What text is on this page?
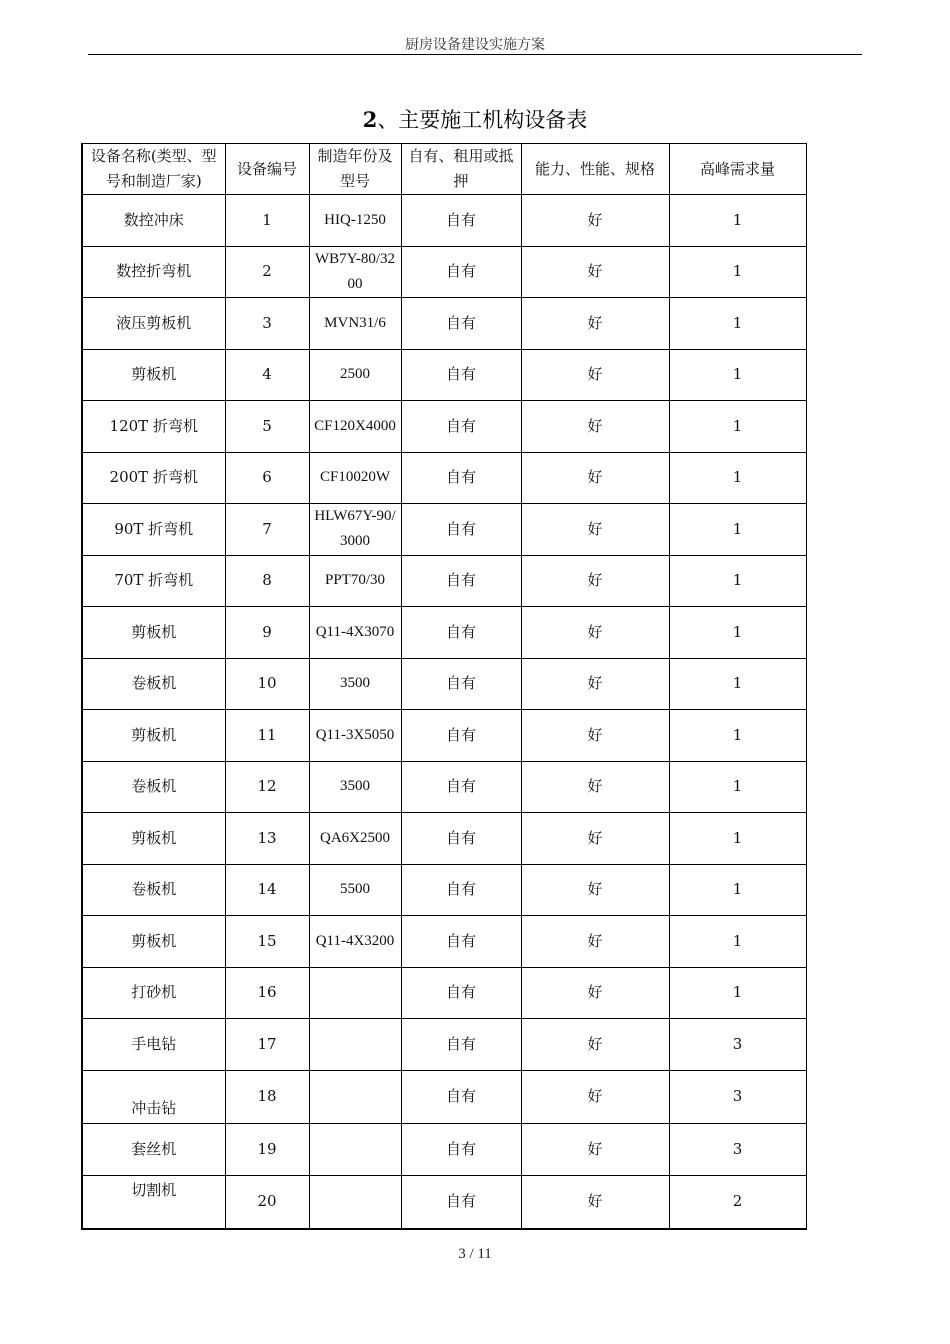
厨房设备建设实施方案
2、主要施工机构设备表
设备名称(类型、型号和制造厂家)	设备编号	制造年份及型号	自有、租用或抵押	能力、性能、规格	高峰需求量
数控冲床	1	HIQ-1250	自有	好	1
数控折弯机	2	WB7Y-80/3200	自有	好	1
液压剪板机	3	MVN31/6	自有	好	1
剪板机	4	2500	自有	好	1
120T 折弯机	5	CF120X4000	自有	好	1
200T 折弯机	6	CF10020W	自有	好	1
90T 折弯机	7	HLW67Y-90/3000	自有	好	1
70T 折弯机	8	PPT70/30	自有	好	1
剪板机	9	Q11-4X3070	自有	好	1
卷板机	10	3500	自有	好	1
剪板机	11	Q11-3X5050	自有	好	1
卷板机	12	3500	自有	好	1
剪板机	13	QA6X2500	自有	好	1
卷板机	14	5500	自有	好	1
剪板机	15	Q11-4X3200	自有	好	1
打砂机	16		自有	好	1
手电钻	17		自有	好	3
冲击钻	18		自有	好	3
套丝机	19		自有	好	3
切割机	20		自有	好	2
3 / 11
